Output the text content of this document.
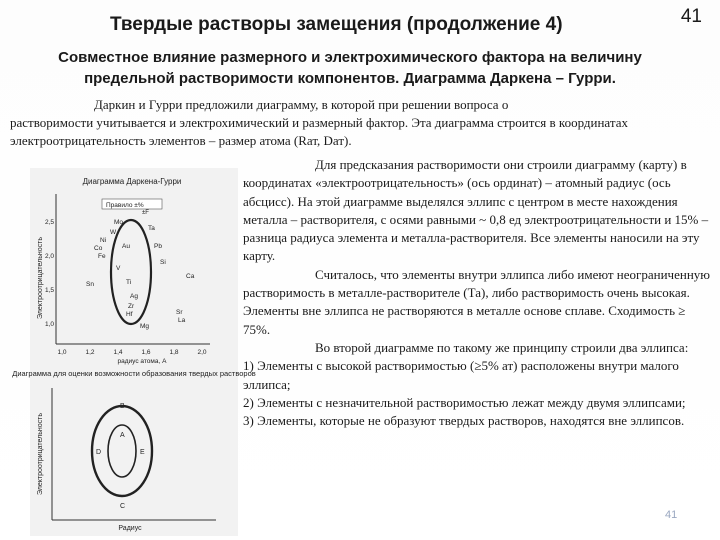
Твердые растворы замещения (продолжение 4)	41
Совместное влияние размерного и электрохимического фактора на величину предельной растворимости компонентов. Диаграмма Даркена – Гурри.
Даркин и Гурри предложили диаграмму, в которой при решении вопроса о
растворимости учитывается и электрохимический и размерный фактор. Эта диаграмма строится в координатах электроотрицательность элементов – размер атома (Rат, Dат).
Диаграмма Даркена-Гурри
Электроотрицательность
2,5
2,0
1,5
1,0
1,0	1,2	1,4	1,6	1,8	2,0
радиус атома, А
Правило ±%
±F
Mo
W
Ni
Co
Fe
Au
Ta
Pb
Sn
V
Ti
Ag
Zr
Hf
Mg
Sr
La
Si
Ca
Диаграмма для оценки возможности образования твердых растворов
Электроотрицательность
Радиус
A
B
D	E
C

Для предсказания растворимости они строили диаграмму (карту) в координатах «электроотрицательность» (ось ординат) – атомный радиус (ось абсцисс). На этой диаграмме выделялся эллипс с центром в месте нахождения металла – растворителя, с осями равными ~ 0,8 ед электроотрицательности и 15% – разница радиуса элемента и металла-растворителя. Все элементы наносили на эту карту.

Считалось, что элементы внутри эллипса либо имеют неограниченную растворимость в металле-растворителе (Та), либо растворимость очень высокая. Элементы вне эллипса не растворяются в металле основе сплаве. Сходимость ≥ 75%.

Во второй диаграмме по такому же принципу строили два эллипса:

1) Элементы с высокой растворимостью (≥5% ат) расположены внутри малого эллипса;

2) Элементы с незначительной растворимостью лежат между двумя эллипсами;

3) Элементы, которые не образуют твердых растворов, находятся вне эллипсов.

41
